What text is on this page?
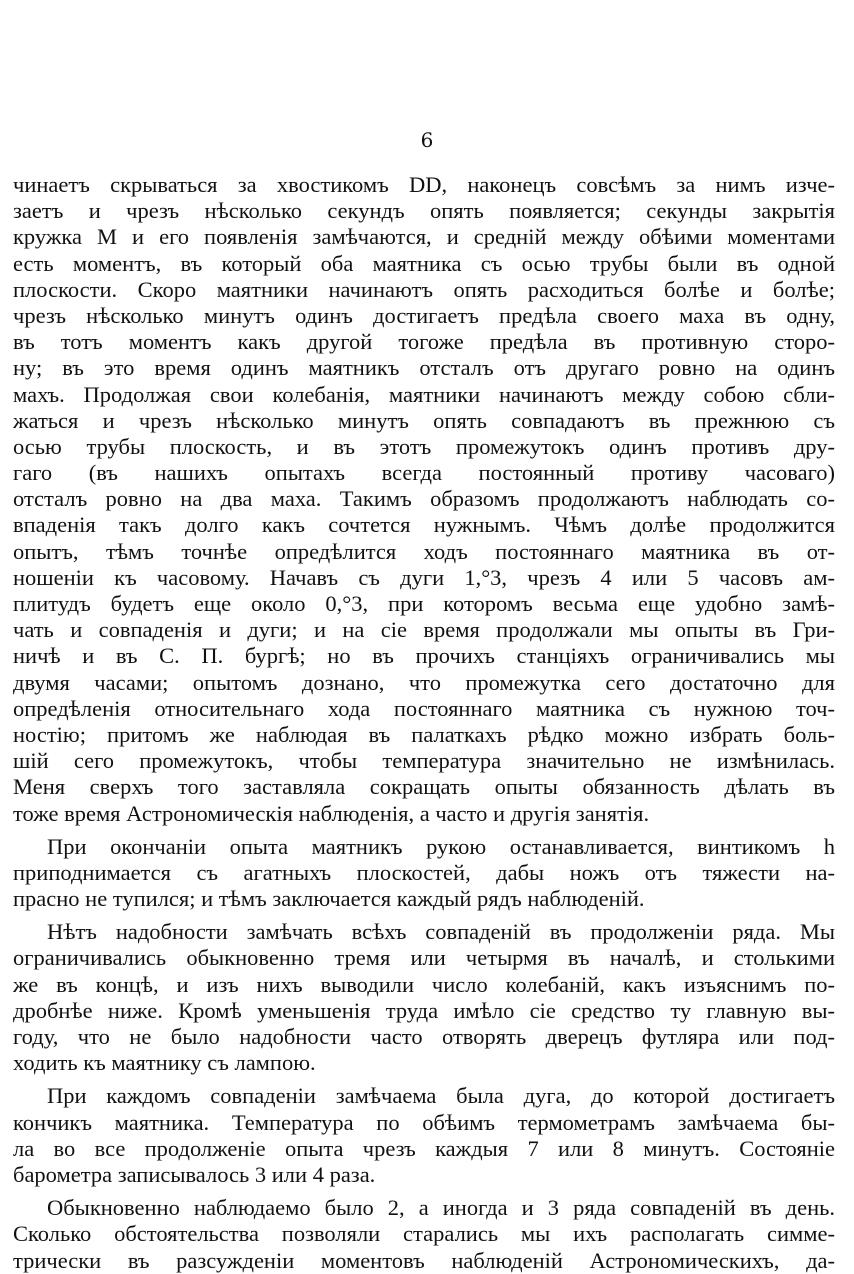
6
чинаетъ скрываться за хвостикомъ DD, наконецъ совсѣмъ за нимъ изче-
заетъ и чрезъ нѣсколько секундъ опять появляется; секунды закрытія
кружка M и его появленія замѣчаются, и средній между обѣими моментами
есть моментъ, въ который оба маятника съ осью трубы были въ одной
плоскости. Скоро маятники начинаютъ опять расходиться болѣе и болѣе;
чрезъ нѣсколько минутъ одинъ достигаетъ предѣла своего маха въ одну,
въ тотъ моментъ какъ другой тогоже предѣла въ противную сторо-
ну; въ это время одинъ маятникъ отсталъ отъ другаго ровно на одинъ
махъ. Продолжая свои колебанія, маятники начинаютъ между собою сбли-
жаться и чрезъ нѣсколько минутъ опять совпадаютъ въ прежнюю съ
осью трубы плоскость, и въ этотъ промежутокъ одинъ противъ дру-
гаго (въ нашихъ опытахъ всегда постоянный противу часоваго)
отсталъ ровно на два маха. Такимъ образомъ продолжаютъ наблюдать со-
впаденія такъ долго какъ сочтется нужнымъ. Чѣмъ долѣе продолжится
опытъ, тѣмъ точнѣе опредѣлится ходъ постояннаго маятника въ от-
ношеніи къ часовому. Начавъ съ дуги 1,°3, чрезъ 4 или 5 часовъ ам-
плитудъ будетъ еще около 0,°3, при которомъ весьма еще удобно замѣ-
чать и совпаденія и дуги; и на сіе время продолжали мы опыты въ Гри-
ничѣ и въ С. П. бургѣ; но въ прочихъ станціяхъ ограничивались мы
двумя часами; опытомъ дознано, что промежутка сего достаточно для
опредѣленія относительнаго хода постояннаго маятника съ нужною точ-
ностію; притомъ же наблюдая въ палаткахъ рѣдко можно избрать боль-
шій сего промежутокъ, чтобы температура значительно не измѣнилась.
Меня сверхъ того заставляла сокращать опыты обязанность дѣлать въ
тоже время Астрономическія наблюденія, а часто и другія занятія.
При окончаніи опыта маятникъ рукою останавливается, винтикомъ h
приподнимается съ агатныхъ плоскостей, дабы ножъ отъ тяжести на-
прасно не тупился; и тѣмъ заключается каждый рядъ наблюденій.
Нѣтъ надобности замѣчать всѣхъ совпаденій въ продолженіи ряда. Мы
ограничивались обыкновенно тремя или четырмя въ началѣ, и столькими
же въ концѣ, и изъ нихъ выводили число колебаній, какъ изъяснимъ по-
дробнѣе ниже. Кромѣ уменьшенія труда имѣло сіе средство ту главную вы-
году, что не было надобности часто отворять дверецъ футляра или под-
ходить къ маятнику съ лампою.
При каждомъ совпаденіи замѣчаема была дуга, до которой достигаетъ
кончикъ маятника. Температура по обѣимъ термометрамъ замѣчаема бы-
ла во все продолженіе опыта чрезъ каждыя 7 или 8 минутъ. Состояніе
барометра записывалось 3 или 4 раза.
Обыкновенно наблюдаемо было 2, а иногда и 3 ряда совпаденій въ день.
Сколько обстоятельства позволяли старались мы ихъ располагать симме-
трически въ разсужденіи моментовъ наблюденій Астрономическихъ, да-
